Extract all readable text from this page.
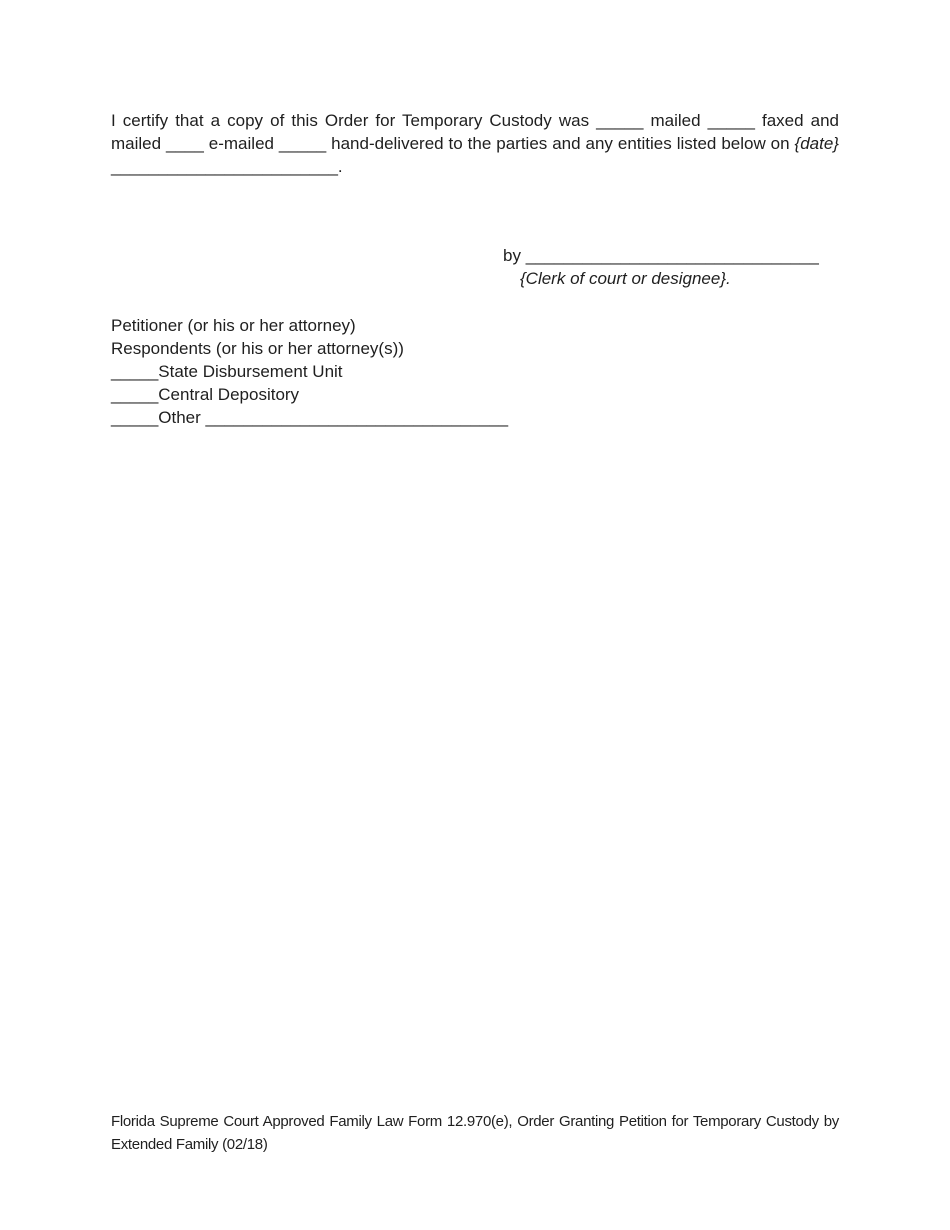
I certify that a copy of this Order for Temporary Custody was _____ mailed _____ faxed and
mailed ____ e-mailed _____ hand-delivered to the parties and any entities listed below on {date}
________________________.
by _______________________________
{Clerk of court or designee}.
Petitioner (or his or her attorney)
Respondents (or his or her attorney(s))
_____State Disbursement Unit
_____Central Depository
_____Other ________________________________
Florida Supreme Court Approved Family Law Form 12.970(e), Order Granting Petition for Temporary Custody by
Extended Family (02/18)
